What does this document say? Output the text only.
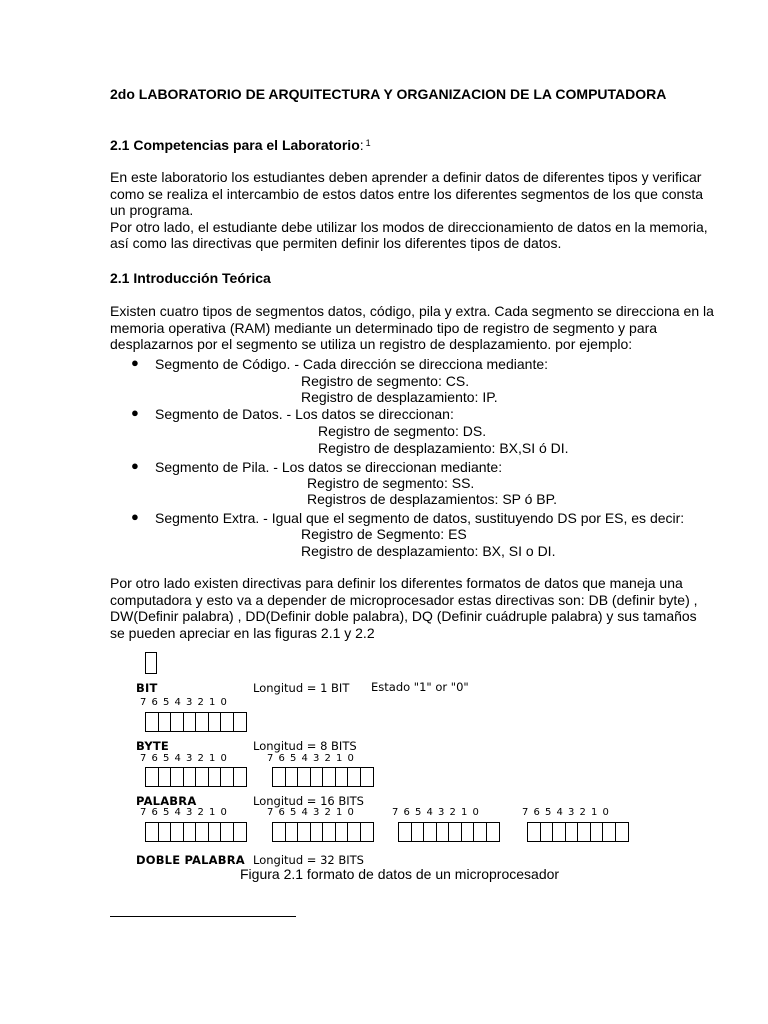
2do LABORATORIO DE ARQUITECTURA Y ORGANIZACION DE LA COMPUTADORA
2.1 Competencias para el Laboratorio: $^1$
En este laboratorio los estudiantes deben aprender a definir datos de diferentes tipos y verificar
como se realiza el intercambio de estos datos entre los diferentes segmentos de los que consta
un programa.
Por otro lado, el estudiante debe utilizar los modos de direccionamiento de datos en la memoria,
así como las directivas que permiten definir los diferentes tipos de datos.
2.1 Introducción Teórica
Existen cuatro tipos de segmentos datos, código, pila y extra. Cada segmento se direcciona en la
memoria operativa (RAM) mediante un determinado tipo de registro de segmento y para
desplazarnos por el segmento se utiliza un registro de desplazamiento. por ejemplo:
● Segmento de Código. - Cada dirección se direcciona mediante:
Registro de segmento: CS.
Registro de desplazamiento: IP.
● Segmento de Datos. - Los datos se direccionan:
Registro de segmento: DS.
Registro de desplazamiento: BX,SI ó DI.
● Segmento de Pila. - Los datos se direccionan mediante:
Registro de segmento: SS.
Registros de desplazamientos: SP ó BP.
● Segmento Extra. - Igual que el segmento de datos, sustituyendo DS por ES, es decir:
Registro de Segmento: ES
Registro de desplazamiento: BX, SI o DI.
Por otro lado existen directivas para definir los diferentes formatos de datos que maneja una
computadora y esto va a depender de microprocesador estas directivas son: DB (definir byte) ,
DW(Definir palabra) , DD(Definir doble palabra), DQ (Definir cuádruple palabra) y sus tamaños
se pueden apreciar en las figuras 2.1 y 2.2
BIT	Longitud = 1 BIT Estado "1" or "0"
7 6 5 4 3 2 1 0
BYTE	Longitud = 8 BITS
7 6 5 4 3 2 1 0	7 6 5 4 3 2 1 0
PALABRA	Longitud = 16 BITS
7 6 5 4 3 2 1 0	7 6 5 4 3 2 1 0	7 6 5 4 3 2 1 0	7 6 5 4 3 2 1 0
DOBLE PALABRA Longitud = 32 BITS
Figura 2.1 formato de datos de un microprocesador
